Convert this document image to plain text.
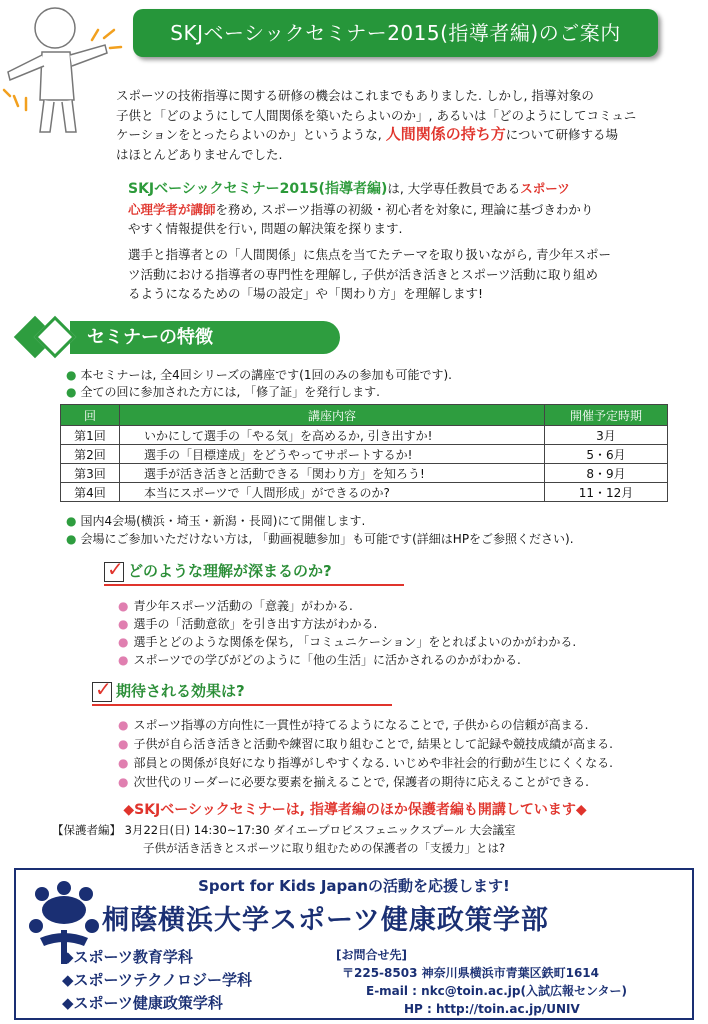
SKJベーシックセミナー2015(指導者編)のご案内
スポーツの技術指導に関する研修の機会はこれまでもありました. しかし, 指導対象の
子供と「どのようにして人間関係を築いたらよいのか」, あるいは「どのようにしてコミュニ
ケーションをとったらよいのか」というような, 人間関係の持ち方について研修する場
はほとんどありませんでした.
SKJベーシックセミナー2015(指導者編)は, 大学専任教員であるスポーツ
心理学者が講師を務め, スポーツ指導の初級・初心者を対象に, 理論に基づきわかり
やすく情報提供を行い, 問題の解決策を探ります.
選手と指導者との「人間関係」に焦点を当てたテーマを取り扱いながら, 青少年スポー
ツ活動における指導者の専門性を理解し, 子供が活き活きとスポーツ活動に取り組め
るようになるための「場の設定」や「関わり方」を理解します!
セミナーの特徴
● 本セミナーは, 全4回シリーズの講座です(1回のみの参加も可能です).
● 全ての回に参加された方には, 「修了証」を発行します.
回	講座内容	開催予定時期
第1回	いかにして選手の「やる気」を高めるか, 引き出すか!	3月
第2回	選手の「目標達成」をどうやってサポートするか!	5・6月
第3回	選手が活き活きと活動できる「関わり方」を知ろう!	8・9月
第4回	本当にスポーツで「人間形成」ができるのか?	11・12月
● 国内4会場(横浜・埼玉・新潟・長岡)にて開催します.
● 会場にご参加いただけない方は, 「動画視聴参加」も可能です(詳細はHPをご参照ください).
✓ どのような理解が深まるのか?
● 青少年スポーツ活動の「意義」がわかる.
● 選手の「活動意欲」を引き出す方法がわかる.
● 選手とどのような関係を保ち, 「コミュニケーション」をとればよいのかがわかる.
● スポーツでの学びがどのように「他の生活」に活かされるのかがわかる.
✓ 期待される効果は?
● スポーツ指導の方向性に一貫性が持てるようになることで, 子供からの信頼が高まる.
● 子供が自ら活き活きと活動や練習に取り組むことで, 結果として記録や競技成績が高まる.
● 部員との関係が良好になり指導がしやすくなる. いじめや非社会的行動が生じにくくなる.
● 次世代のリーダーに必要な要素を揃えることで, 保護者の期待に応えることができる.
◆SKJベーシックセミナーは, 指導者編のほか保護者編も開講しています◆
【保護者編】 3月22日(日) 14:30~17:30 ダイエープロビスフェニックスプール 大会議室
子供が活き活きとスポーツに取り組むための保護者の「支援力」とは?
Sport for Kids Japanの活動を応援します!
桐蔭横浜大学スポーツ健康政策学部
◆スポーツ教育学科
◆スポーツテクノロジー学科
◆スポーツ健康政策学科
[お問合せ先]
〒225-8503 神奈川県横浜市青葉区鉄町1614
E-mail : nkc@toin.ac.jp(入試広報センター)
HP : http://toin.ac.jp/UNIV
